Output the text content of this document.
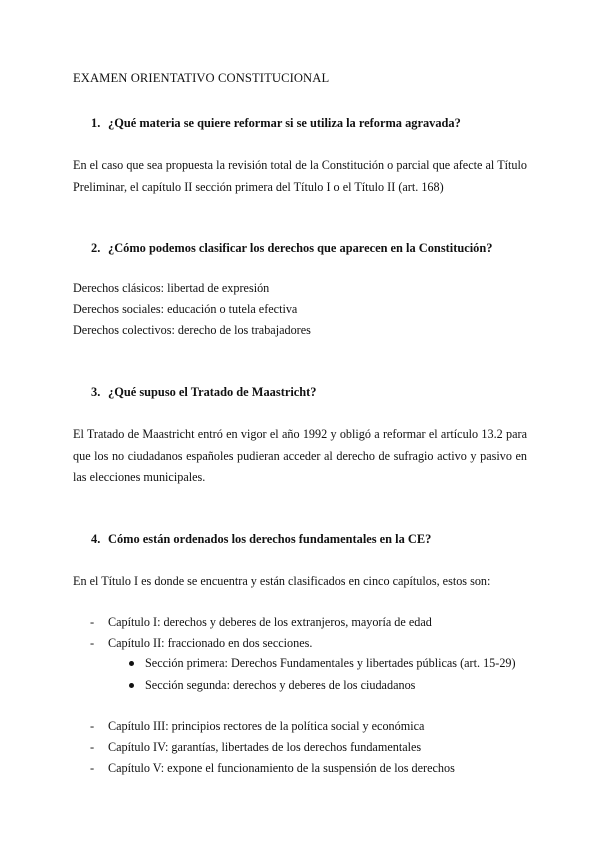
EXAMEN ORIENTATIVO CONSTITUCIONAL
1. ¿Qué materia se quiere reformar si se utiliza la reforma agravada?
En el caso que sea propuesta la revisión total de la Constitución o parcial que afecte al Título
Preliminar, el capítulo II sección primera del Título I o el Título II (art. 168)
2. ¿Cómo podemos clasificar los derechos que aparecen en la Constitución?
Derechos clásicos: libertad de expresión
Derechos sociales: educación o tutela efectiva
Derechos colectivos: derecho de los trabajadores
3. ¿Qué supuso el Tratado de Maastricht?
El Tratado de Maastricht entró en vigor el año 1992 y obligó a reformar el artículo 13.2 para
que los no ciudadanos españoles pudieran acceder al derecho de sufragio activo y pasivo en
las elecciones municipales.
4. Cómo están ordenados los derechos fundamentales en la CE?
En el Título I es donde se encuentra y están clasificados en cinco capítulos, estos son:
- Capítulo I: derechos y deberes de los extranjeros, mayoría de edad
- Capítulo II: fraccionado en dos secciones.
Sección primera: Derechos Fundamentales y libertades públicas (art. 15-29)
Sección segunda: derechos y deberes de los ciudadanos
- Capítulo III: principios rectores de la política social y económica
- Capítulo IV: garantías, libertades de los derechos fundamentales
- Capítulo V: expone el funcionamiento de la suspensión de los derechos
